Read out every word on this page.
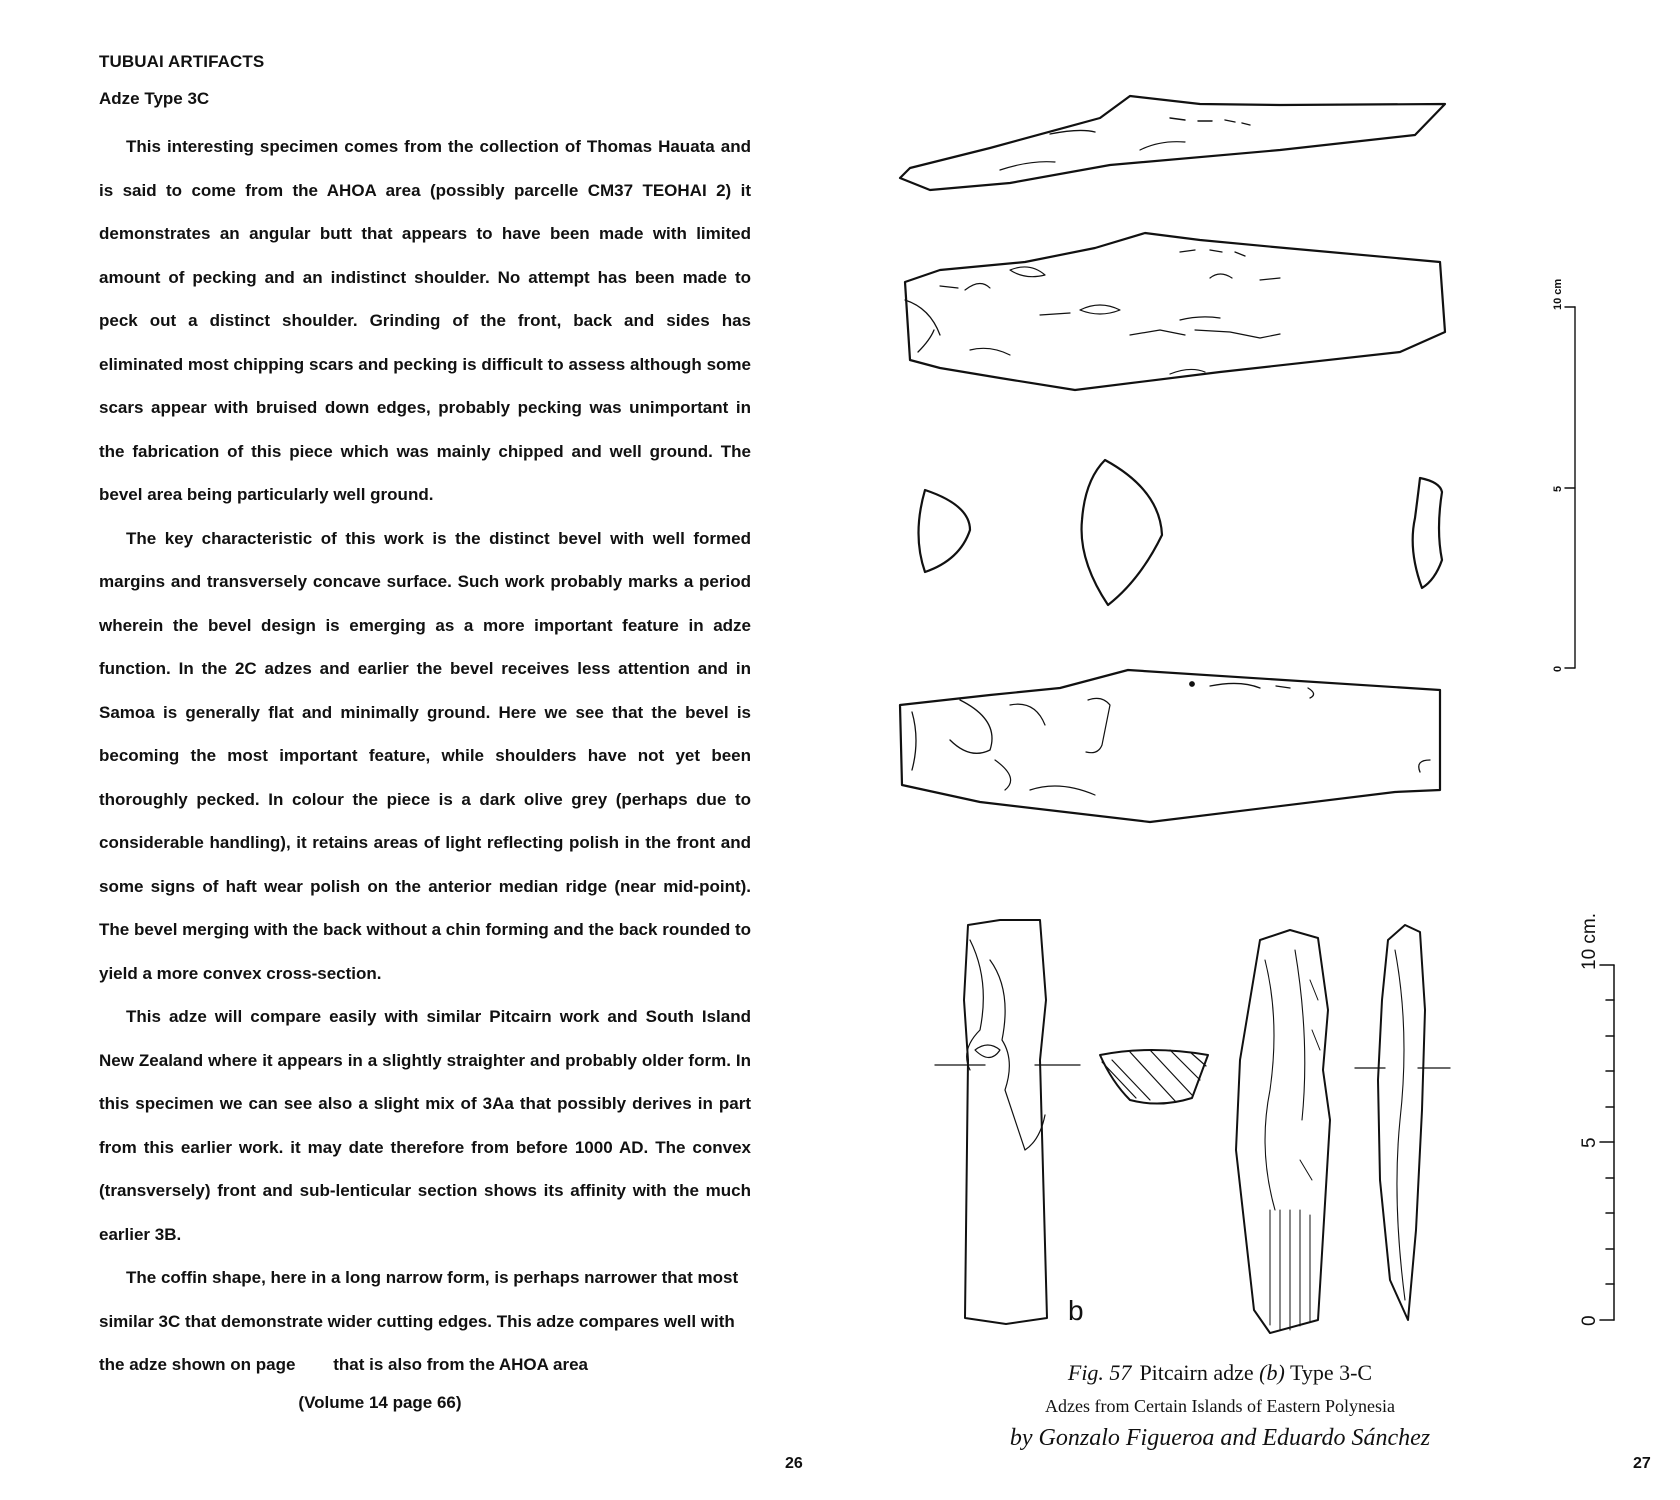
TUBUAI ARTIFACTS
Adze Type 3C

This interesting specimen comes from the collection of Thomas Hauata and is said to come from the AHOA area (possibly parcelle CM37 TEOHAI 2) it demonstrates an angular butt that appears to have been made with limited amount of pecking and an indistinct shoulder. No attempt has been made to peck out a distinct shoulder. Grinding of the front, back and sides has eliminated most chipping scars and pecking is difficult to assess although some scars appear with bruised down edges, probably pecking was unimportant in the fabrication of this piece which was mainly chipped and well ground. The bevel area being particularly well ground.

The key characteristic of this work is the distinct bevel with well formed margins and transversely concave surface. Such work probably marks a period wherein the bevel design is emerging as a more important feature in adze function. In the 2C adzes and earlier the bevel receives less attention and in Samoa is generally flat and minimally ground. Here we see that the bevel is becoming the most important feature, while shoulders have not yet been thoroughly pecked. In colour the piece is a dark olive grey (perhaps due to considerable handling), it retains areas of light reflecting polish in the front and some signs of haft wear polish on the anterior median ridge (near mid-point). The bevel merging with the back without a chin forming and the back rounded to yield a more convex cross-section.

This adze will compare easily with similar Pitcairn work and South Island New Zealand where it appears in a slightly straighter and probably older form. In this specimen we can see also a slight mix of 3Aa that possibly derives in part from this earlier work. it may date therefore from before 1000 AD. The convex (transversely) front and sub-lenticular section shows its affinity with the much earlier 3B.

The coffin shape, here in a long narrow form, is perhaps narrower that most similar 3C that demonstrate wider cutting edges. This adze compares well with the adze shown on page        that is also from the AHOA area

(Volume 14 page 66)
26
10 cm
5
0
10 cm.
5
0
b
Fig. 57 Pitcairn adze (b) Type 3-C
Adzes from Certain Islands of Eastern Polynesia
by Gonzalo Figueroa and Eduardo Sánchez
27
